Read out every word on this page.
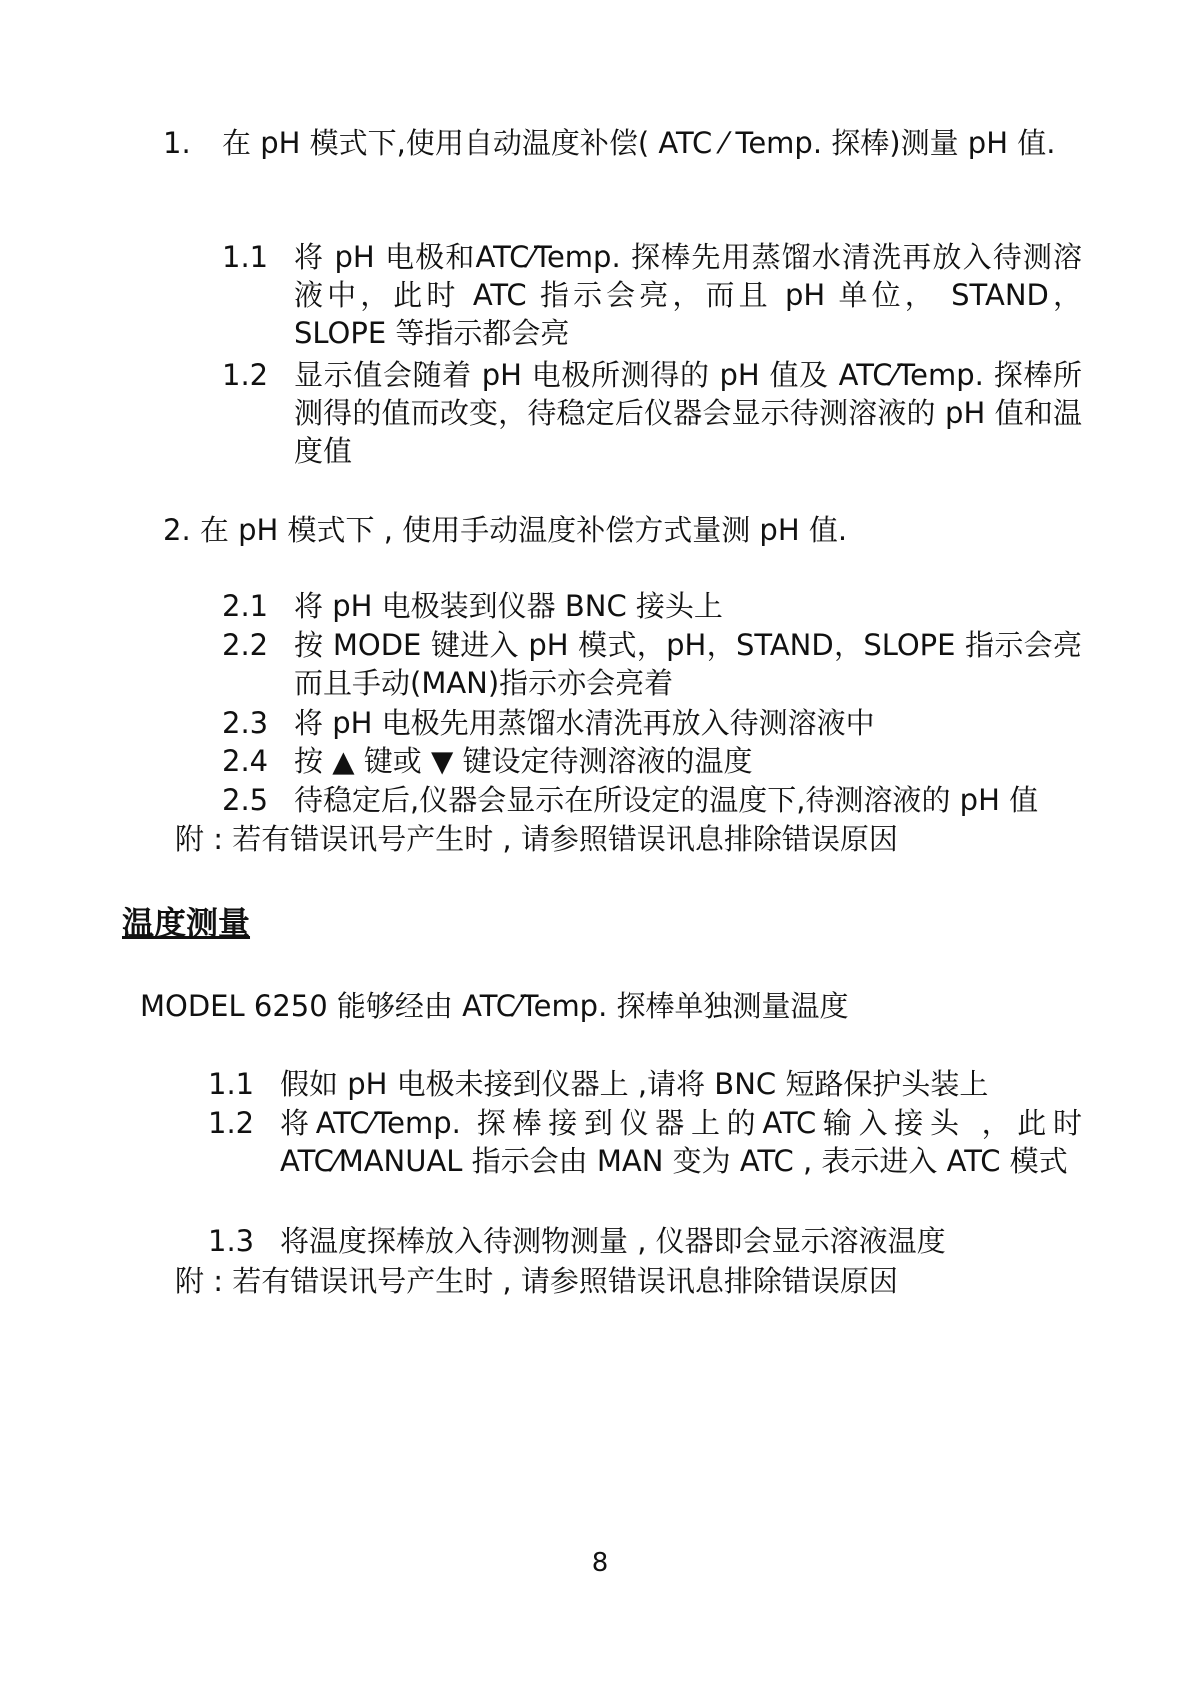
1. 在 pH 模式下,使用自动温度补偿( ATC ⁄ Temp. 探棒)测量 pH 值.

1.1 将 pH 电极和ATC⁄Temp. 探棒先用蒸馏水清洗再放入待测溶液中，此时 ATC 指示会亮，而且 pH 单位， STAND，SLOPE 等指示都会亮

1.2 显示值会随着 pH 电极所测得的 pH 值及 ATC⁄Temp. 探棒所测得的值而改变，待稳定后仪器会显示待测溶液的 pH 值和温度值

2. 在 pH 模式下 , 使用手动温度补偿方式量测 pH 值.

2.1 将 pH 电极装到仪器 BNC 接头上

2.2 按 MODE 键进入 pH 模式，pH，STAND，SLOPE 指示会亮而且手动(MAN)指示亦会亮着

2.3 将 pH 电极先用蒸馏水清洗再放入待测溶液中

2.4 按 ▲ 键或 ▼ 键设定待测溶液的温度

2.5 待稳定后,仪器会显示在所设定的温度下,待测溶液的 pH 值

附 : 若有错误讯号产生时 , 请参照错误讯息排除错误原因

温度测量

MODEL 6250 能够经由 ATC⁄Temp. 探棒单独测量温度

1.1 假如 pH 电极未接到仪器上 ,请将 BNC 短路保护头装上

1.2 将ATC⁄Temp. 探棒接到仪器上的ATC输入接头 ，此时 ATC⁄MANUAL 指示会由 MAN 变为 ATC , 表示进入 ATC 模式

1.3 将温度探棒放入待测物测量 , 仪器即会显示溶液温度

附 : 若有错误讯号产生时 , 请参照错误讯息排除错误原因

8
